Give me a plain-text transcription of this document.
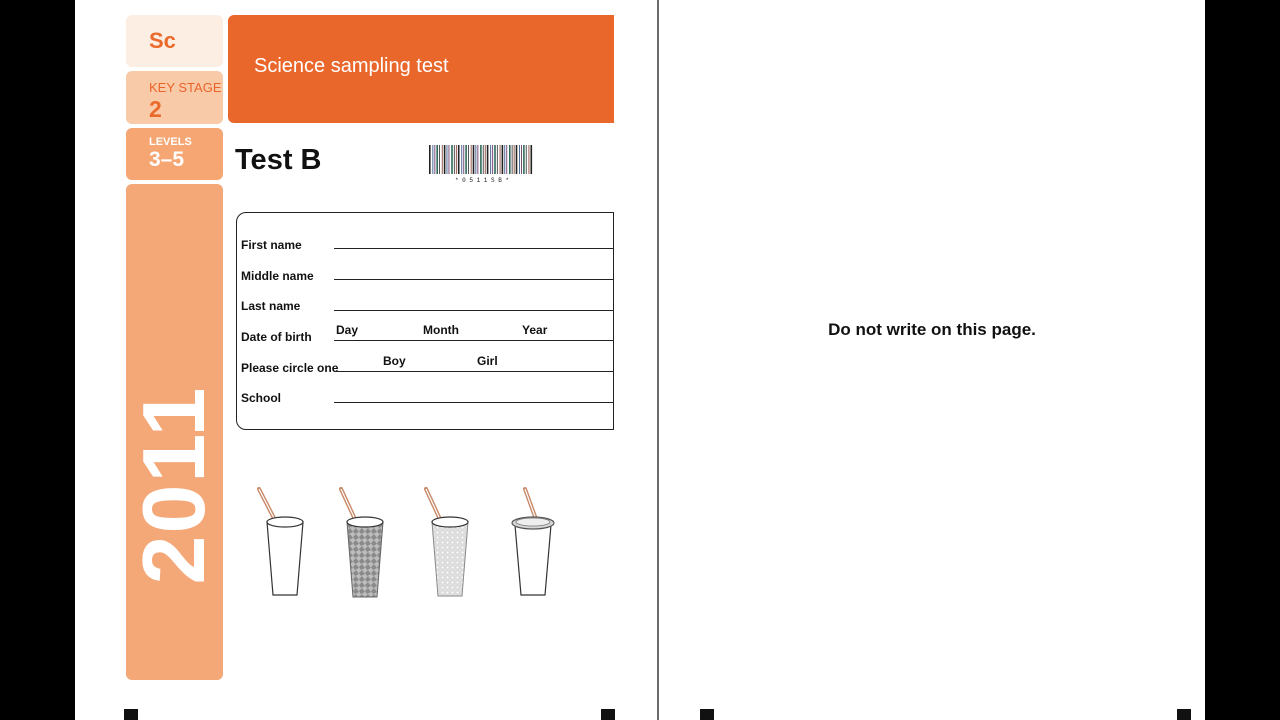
Sc
KEY STAGE
2
LEVELS
3–5
2011
Science sampling test
Test B
* 0 5 1 1 S B *
First name
Middle name
Last name
Date of birth Day	Month	Year
Please circle one	Boy	Girl
School
Do not write on this page.
